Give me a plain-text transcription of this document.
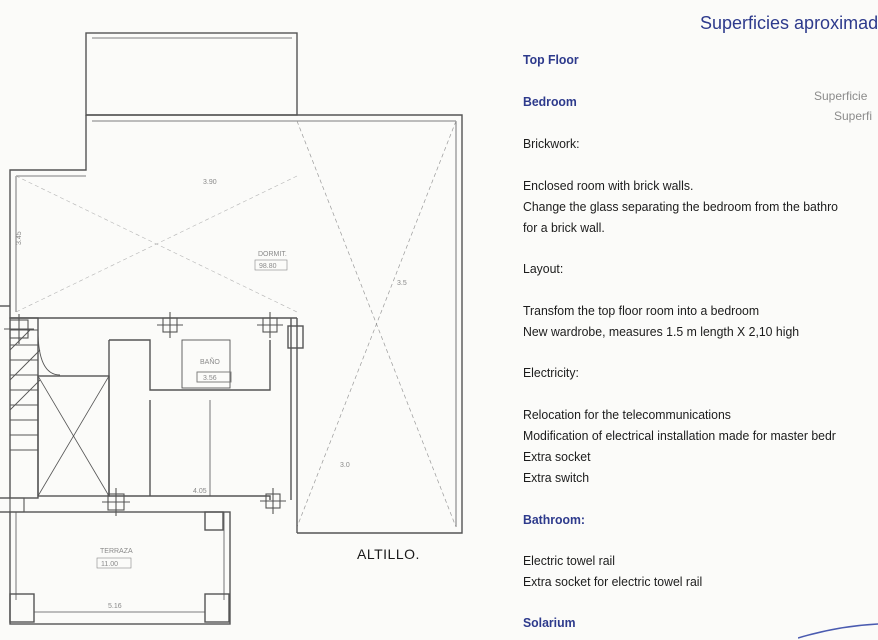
3.90
3.45
DORMIT.
98.80
BAÑO
3.56
3.5
4.05
3.0
TERRAZA
11.00
5.16
ALTILLO.
Superficies aproximad
Top Floor
Bedroom	Superficie
Superfi
Brickwork:
Enclosed room with brick walls.
Change the glass separating the bedroom from the bathro
for a brick wall.
Layout:
Transfom the top floor room into a bedroom
New wardrobe, measures 1.5 m length X 2,10 high
Electricity:
Relocation for the telecommunications
Modification of electrical installation made for master bedr
Extra socket
Extra switch
Bathroom:
Electric towel rail
Extra socket for electric towel rail
Solarium
